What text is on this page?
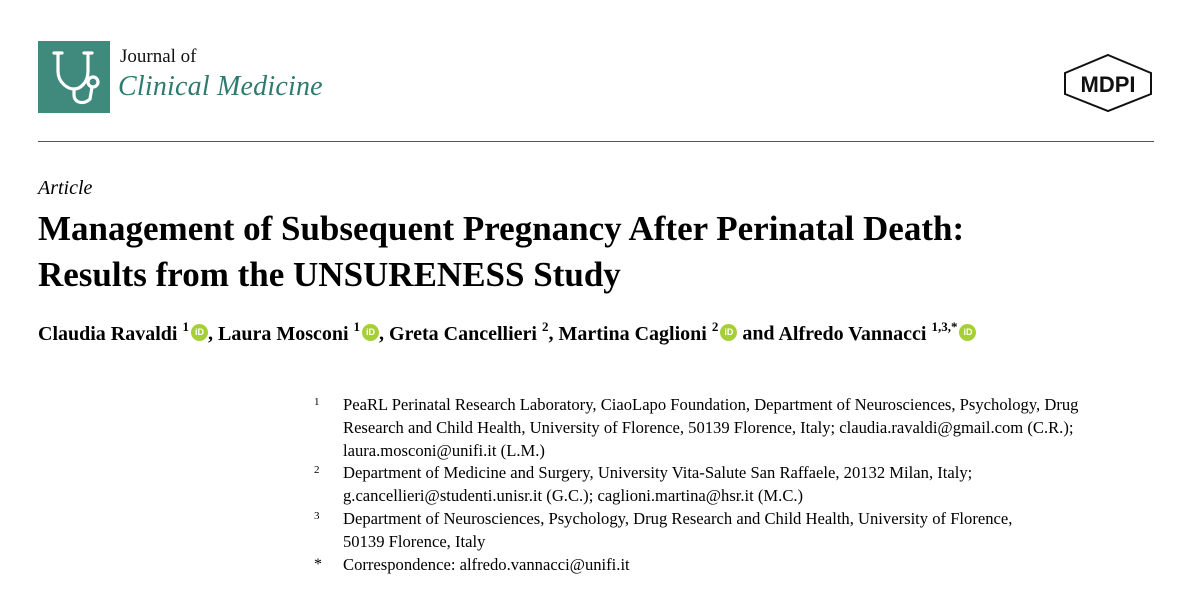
Journal of
Clinical Medicine	MDPI
Article
Management of Subsequent Pregnancy After Perinatal Death:
Results from the UNSURENESS Study
Claudia Ravaldi $^1$ iD , Laura Mosconi $^1$ iD , Greta Cancellieri $^2$, Martina Caglioni $^2$ iD and Alfredo Vannacci $^{1,3,*}$ iD
1 PeaRL Perinatal Research Laboratory, CiaoLapo Foundation, Department of Neurosciences, Psychology, Drug
Research and Child Health, University of Florence, 50139 Florence, Italy; claudia.ravaldi@gmail.com (C.R.);
laura.mosconi@unifi.it (L.M.)
2 Department of Medicine and Surgery, University Vita-Salute San Raffaele, 20132 Milan, Italy;
g.cancellieri@studenti.unisr.it (G.C.); caglioni.martina@hsr.it (M.C.)
3 Department of Neurosciences, Psychology, Drug Research and Child Health, University of Florence,
50139 Florence, Italy
* Correspondence: alfredo.vannacci@unifi.it
